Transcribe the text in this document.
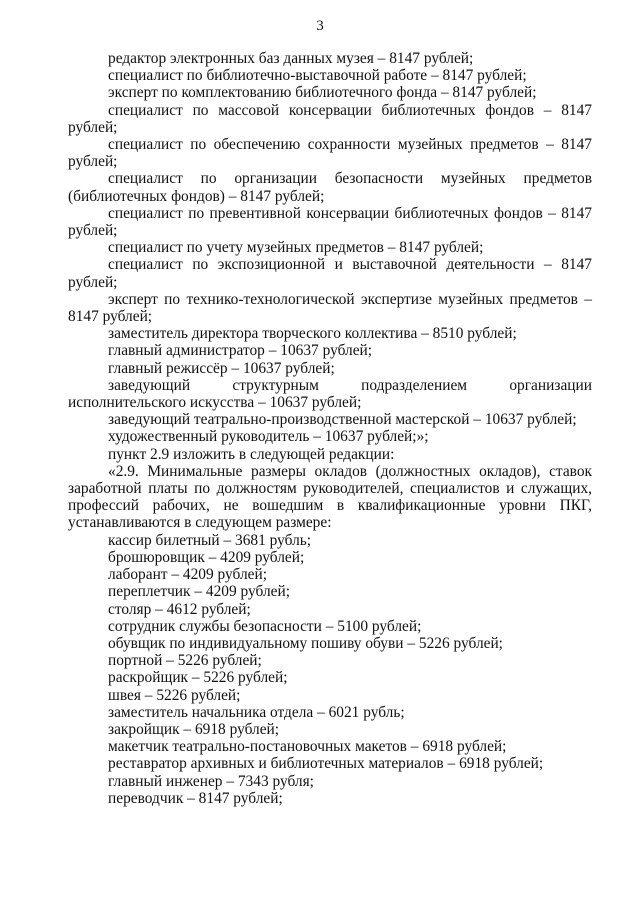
3

редактор электронных баз данных музея – 8147 рублей;

специалист по библиотечно-выставочной работе – 8147 рублей;

эксперт по комплектованию библиотечного фонда – 8147 рублей;

специалист по массовой консервации библиотечных фондов – 8147 рублей;

специалист по обеспечению сохранности музейных предметов – 8147 рублей;

специалист по организации безопасности музейных предметов (библиотечных фондов) – 8147 рублей;

специалист по превентивной консервации библиотечных фондов – 8147 рублей;

специалист по учету музейных предметов – 8147 рублей;

специалист по экспозиционной и выставочной деятельности – 8147 рублей;

эксперт по технико-технологической экспертизе музейных предметов – 8147 рублей;

заместитель директора творческого коллектива – 8510 рублей;

главный администратор – 10637 рублей;

главный режиссёр – 10637 рублей;

заведующий структурным подразделением организации исполнительского искусства – 10637 рублей;

заведующий театрально-производственной мастерской – 10637 рублей;

художественный руководитель – 10637 рублей;»;

пункт 2.9 изложить в следующей редакции:

«2.9. Минимальные размеры окладов (должностных окладов), ставок заработной платы по должностям руководителей, специалистов и служащих, профессий рабочих, не вошедшим в квалификационные уровни ПКГ, устанавливаются в следующем размере:

кассир билетный – 3681 рубль;

брошюровщик – 4209 рублей;

лаборант – 4209 рублей;

переплетчик – 4209 рублей;

столяр – 4612 рублей;

сотрудник службы безопасности – 5100 рублей;

обувщик по индивидуальному пошиву обуви – 5226 рублей;

портной – 5226 рублей;

раскройщик – 5226 рублей;

швея – 5226 рублей;

заместитель начальника отдела – 6021 рубль;

закройщик – 6918 рублей;

макетчик театрально-постановочных макетов – 6918 рублей;

реставратор архивных и библиотечных материалов – 6918 рублей;

главный инженер – 7343 рубля;

переводчик – 8147 рублей;
